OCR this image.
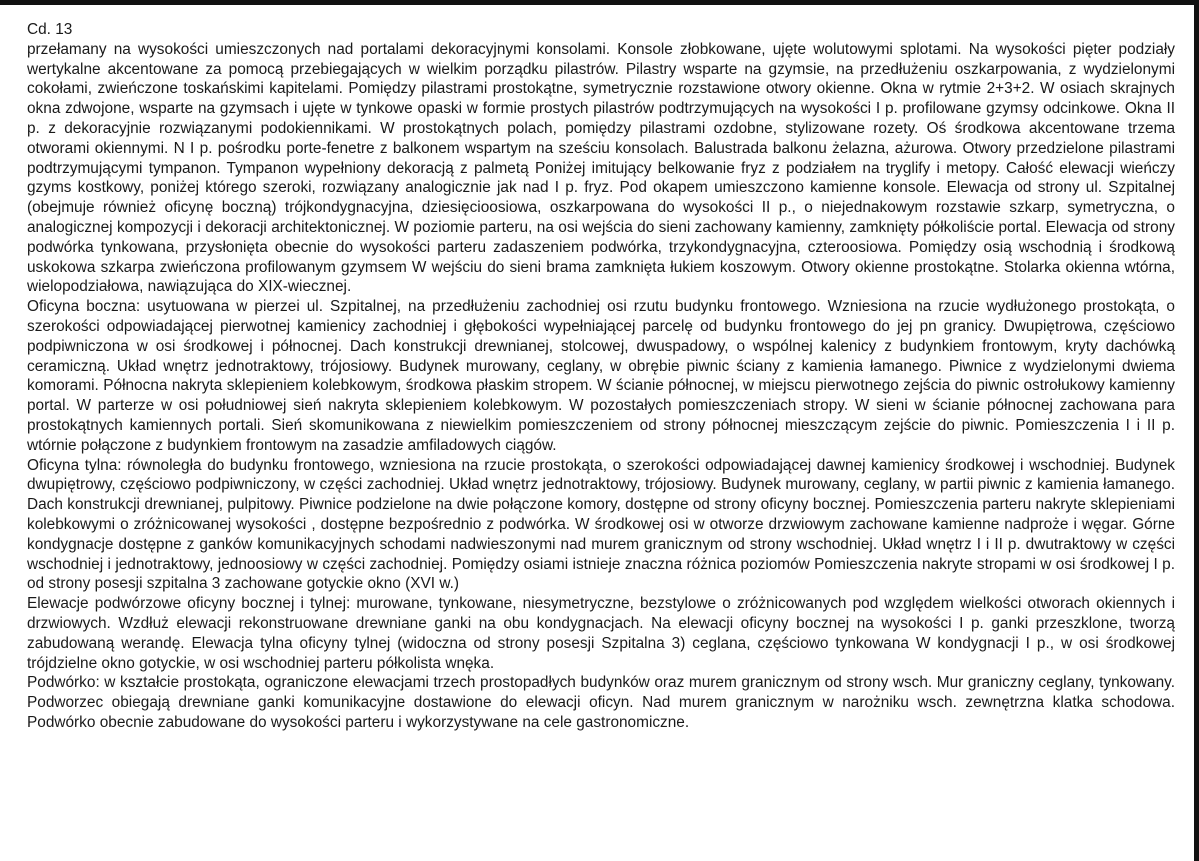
Cd. 13

przełamany na wysokości umieszczonych nad portalami dekoracyjnymi konsolami. Konsole złobkowane, ujęte wolutowymi splotami. Na wysokości pięter podziały wertykalne akcentowane za pomocą przebiegających w wielkim porządku pilastrów. Pilastry wsparte na gzymsie, na przedłużeniu oszkarpowania, z wydzielonymi cokołami, zwieńczone toskańskimi kapitelami. Pomiędzy pilastrami prostokątne, symetrycznie rozstawione otwory okienne. Okna w rytmie 2+3+2. W osiach skrajnych okna zdwojone, wsparte na gzymsach i ujęte w tynkowe opaski w formie prostych pilastrów podtrzymujących na wysokości I p. profilowane gzymsy odcinkowe. Okna II p. z dekoracyjnie rozwiązanymi podokiennikami. W prostokątnych polach, pomiędzy pilastrami ozdobne, stylizowane rozety. Oś środkowa akcentowane trzema otworami okiennymi. N I p. pośrodku porte-fenetre z balkonem wspartym na sześciu konsolach. Balustrada balkonu żelazna, ażurowa. Otwory przedzielone pilastrami podtrzymującymi tympanon. Tympanon wypełniony dekoracją z palmetą Poniżej imitujący belkowanie fryz z podziałem na tryglify i metopy. Całość elewacji wieńczy gzyms kostkowy, poniżej którego szeroki, rozwiązany analogicznie jak nad I p. fryz. Pod okapem umieszczono kamienne konsole. Elewacja od strony ul. Szpitalnej (obejmuje również oficynę boczną) trójkondygnacyjna, dziesięcioosiowa, oszkarpowana do wysokości II p., o niejednakowym rozstawie szkarp, symetryczna, o analogicznej kompozycji i dekoracji architektonicznej. W poziomie parteru, na osi wejścia do sieni zachowany kamienny, zamknięty półkoliście portal. Elewacja od strony podwórka tynkowana, przysłonięta obecnie do wysokości parteru zadaszeniem podwórka, trzykondygnacyjna, czteroosiowa. Pomiędzy osią wschodnią i środkową uskokowa szkarpa zwieńczona profilowanym gzymsem W wejściu do sieni brama zamknięta łukiem koszowym. Otwory okienne prostokątne. Stolarka okienna wtórna, wielopodziałowa, nawiązująca do XIX-wiecznej.

Oficyna boczna: usytuowana w pierzei ul. Szpitalnej, na przedłużeniu zachodniej osi rzutu budynku frontowego. Wzniesiona na rzucie wydłużonego prostokąta, o szerokości odpowiadającej pierwotnej kamienicy zachodniej i głębokości wypełniającej parcelę od budynku frontowego do jej pn granicy. Dwupiętrowa, częściowo podpiwniczona w osi środkowej i północnej. Dach konstrukcji drewnianej, stolcowej, dwuspadowy, o wspólnej kalenicy z budynkiem frontowym, kryty dachówką ceramiczną. Układ wnętrz jednotraktowy, trójosiowy. Budynek murowany, ceglany, w obrębie piwnic ściany z kamienia łamanego. Piwnice z wydzielonymi dwiema komorami. Północna nakryta sklepieniem kolebkowym, środkowa płaskim stropem. W ścianie północnej, w miejscu pierwotnego zejścia do piwnic ostrołukowy kamienny portal. W parterze w osi południowej sień nakryta sklepieniem kolebkowym. W pozostałych pomieszczeniach stropy. W sieni w ścianie północnej zachowana para prostokątnych kamiennych portali. Sień skomunikowana z niewielkim pomieszczeniem od strony północnej mieszczącym zejście do piwnic. Pomieszczenia I i II p. wtórnie połączone z budynkiem frontowym na zasadzie amfiladowych ciągów.

Oficyna tylna: równoległa do budynku frontowego, wzniesiona na rzucie prostokąta, o szerokości odpowiadającej dawnej kamienicy środkowej i wschodniej. Budynek dwupiętrowy, częściowo podpiwniczony, w części zachodniej. Układ wnętrz jednotraktowy, trójosiowy. Budynek murowany, ceglany, w partii piwnic z kamienia łamanego. Dach konstrukcji drewnianej, pulpitowy. Piwnice podzielone na dwie połączone komory, dostępne od strony oficyny bocznej. Pomieszczenia parteru nakryte sklepieniami kolebkowymi o zróżnicowanej wysokości , dostępne bezpośrednio z podwórka. W środkowej osi w otworze drzwiowym zachowane kamienne nadproże i węgar. Górne kondygnacje dostępne z ganków komunikacyjnych schodami nadwieszonymi nad murem granicznym od strony wschodniej. Układ wnętrz I i II p. dwutraktowy w części wschodniej i jednotraktowy, jednoosiowy w części zachodniej. Pomiędzy osiami istnieje znaczna różnica poziomów Pomieszczenia nakryte stropami w osi środkowej I p. od strony posesji szpitalna 3 zachowane gotyckie okno (XVI w.)

Elewacje podwórzowe oficyny bocznej i tylnej: murowane, tynkowane, niesymetryczne, bezstylowe o zróżnicowanych pod względem wielkości otworach okiennych i drzwiowych. Wzdłuż elewacji rekonstruowane drewniane ganki na obu kondygnacjach. Na elewacji oficyny bocznej na wysokości I p. ganki przeszklone, tworzą zabudowaną werandę. Elewacja tylna oficyny tylnej (widoczna od strony posesji Szpitalna 3) ceglana, częściowo tynkowana W kondygnacji I p., w osi środkowej trójdzielne okno gotyckie, w osi wschodniej parteru półkolista wnęka.

Podwórko: w kształcie prostokąta, ograniczone elewacjami trzech prostopadłych budynków oraz murem granicznym od strony wsch. Mur graniczny ceglany, tynkowany. Podworzec obiegają drewniane ganki komunikacyjne dostawione do elewacji oficyn. Nad murem granicznym w narożniku wsch. zewnętrzna klatka schodowa. Podwórko obecnie zabudowane do wysokości parteru i wykorzystywane na cele gastronomiczne.
